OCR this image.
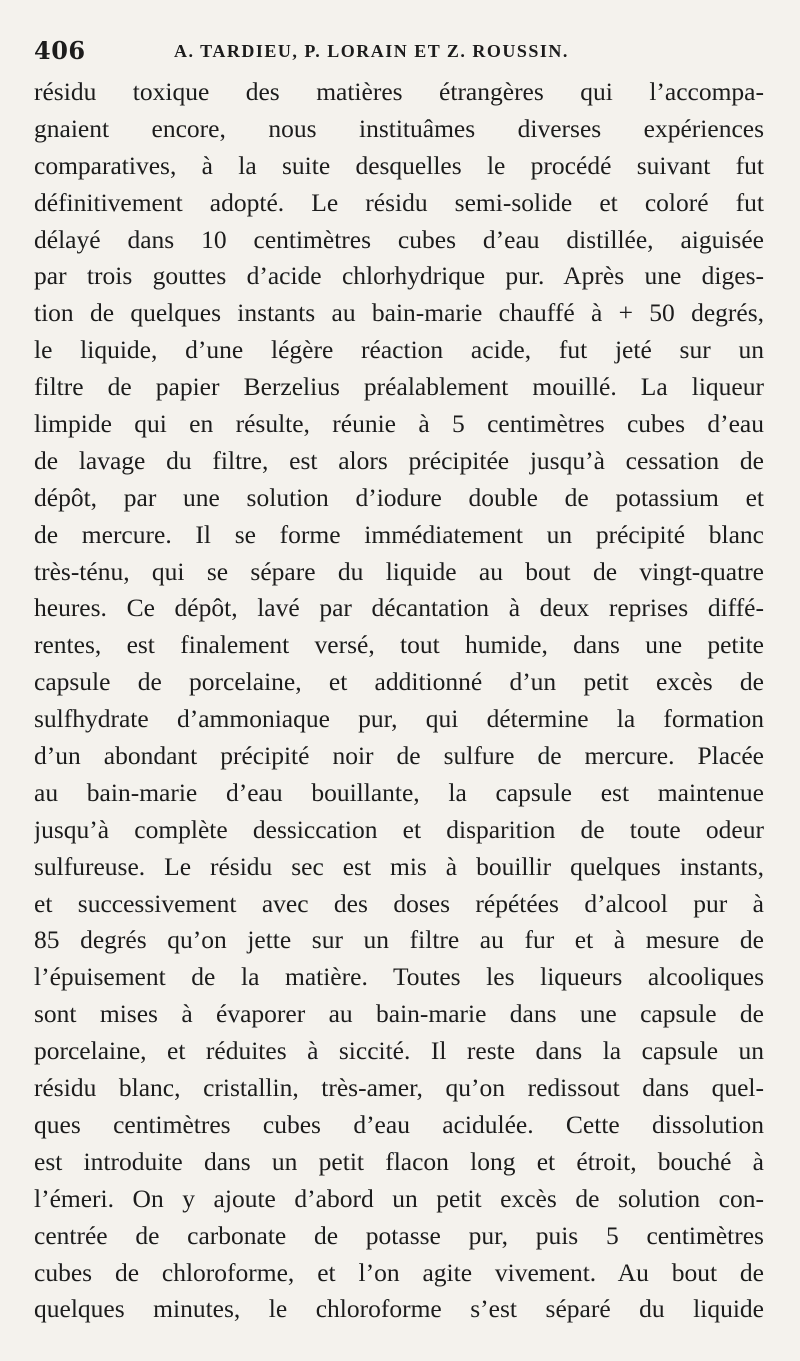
406	A. TARDIEU, P. LORAIN ET Z. ROUSSIN.
résidu toxique des matières étrangères qui l’accompa-
gnaient encore, nous instituâmes diverses expériences
comparatives, à la suite desquelles le procédé suivant fut
définitivement adopté. Le résidu semi-solide et coloré fut
délayé dans 10 centimètres cubes d’eau distillée, aiguisée
par trois gouttes d’acide chlorhydrique pur. Après une diges-
tion de quelques instants au bain-marie chauffé à + 50 degrés,
le liquide, d’une légère réaction acide, fut jeté sur un
filtre de papier Berzelius préalablement mouillé. La liqueur
limpide qui en résulte, réunie à 5 centimètres cubes d’eau
de lavage du filtre, est alors précipitée jusqu’à cessation de
dépôt, par une solution d’iodure double de potassium et
de mercure. Il se forme immédiatement un précipité blanc
très-ténu, qui se sépare du liquide au bout de vingt-quatre
heures. Ce dépôt, lavé par décantation à deux reprises diffé-
rentes, est finalement versé, tout humide, dans une petite
capsule de porcelaine, et additionné d’un petit excès de
sulfhydrate d’ammoniaque pur, qui détermine la formation
d’un abondant précipité noir de sulfure de mercure. Placée
au bain-marie d’eau bouillante, la capsule est maintenue
jusqu’à complète dessiccation et disparition de toute odeur
sulfureuse. Le résidu sec est mis à bouillir quelques instants,
et successivement avec des doses répétées d’alcool pur à
85 degrés qu’on jette sur un filtre au fur et à mesure de
l’épuisement de la matière. Toutes les liqueurs alcooliques
sont mises à évaporer au bain-marie dans une capsule de
porcelaine, et réduites à siccité. Il reste dans la capsule un
résidu blanc, cristallin, très-amer, qu’on redissout dans quel-
ques centimètres cubes d’eau acidulée. Cette dissolution
est introduite dans un petit flacon long et étroit, bouché à
l’émeri. On y ajoute d’abord un petit excès de solution con-
centrée de carbonate de potasse pur, puis 5 centimètres
cubes de chloroforme, et l’on agite vivement. Au bout de
quelques minutes, le chloroforme s’est séparé du liquide
